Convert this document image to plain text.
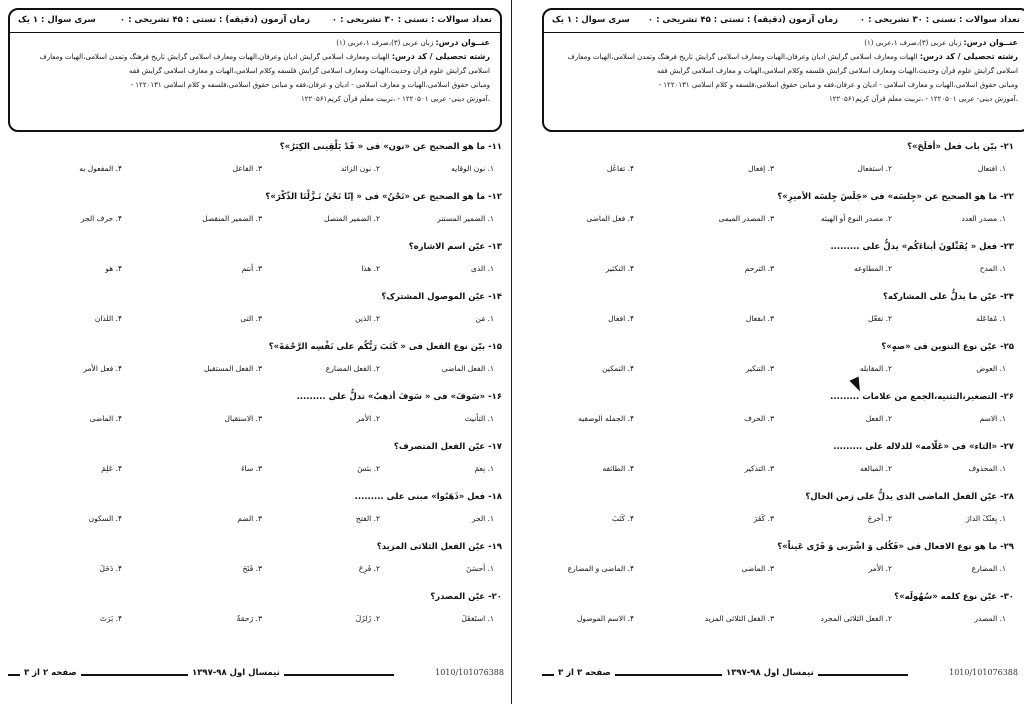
تعداد سوالات : تستی : ۳۰ تشریحی : ۰
زمان آزمون (دقیقه) : تستی : ۴۵ تشریحی : ۰
سری سوال : ۱ یک
عنــوان درس: زبان عربی (۳)،صرف ۱،عربی (۱)
رشته تحصیلی / کد درس: الهیات ومعارف اسلامی گرایش ادیان وعرفان،الهیات ومعارف اسلامی گرایش تاریخ فرهنگ وتمدن اسلامی،الهیات ومعارف
اسلامی گرایش علوم قرآن وحدیث،الهیات ومعارف اسلامی گرایش فلسفه وکلام اسلامی،الهیات و معارف اسلامی گرایش فقه
ومبانی حقوق اسلامی،الهیات و معارف اسلامی - ادیان و عرفان،فقه و مبانی حقوق اسلامی،فلسفه و کلام اسلامی ۱۲۲۰۱۳۱ -
،آموزش دینی- عربی ۱۲۲۰۵۰۱ - ،تربیت معلم قرآن کریم۱۲۲۰۵۶۱
۱۱- ما هو الصحیح عن «نون» فی « قَدْ یَلْقِینی الکِبَرُ»؟
۱. نون الوقایه
۲. نون الزائد
۳. الفاعل
۴. المفعول به
۱۲- ما هو الصحیح عن «نَحْنُ» فی « إنّا نَحْنُ نَـزَّلْنَا الذّکْرَ»؟
۱. الضمیر المستتر
۲. الضمیر المتصل
۳. الضمیر المنفصل
۴. حرف الجر
۱۳- عیّن اسم الاشاره؟
۱. الذی
۲. هذا
۳. أنتم
۴. هو
۱۴- عیّن الموصول المشترک؟
۱. مَن
۲. الذین
۳. التی
۴. اللذان
۱۵- بیّن نوع الفعل فی « کَتَبَ رَبُّکُم علی نَفْسِه الرَّحْمَةَ»؟
۱. الفعل الماضی
۲. الفعل المضارع
۳. الفعل المستقبل
۴. فعل الأمر
۱۶- «سَوفَ» فی « سَوفَ أذهبُ» تدلُّ علی .........
۱. التأنیث
۲. الأمر
۳. الاستقبال
۴. الماضی
۱۷- عیّن الفعل المتصرف؟
۱. نِعمَ
۲. بئسَ
۳. ساءَ
۴. عَلِمَ
۱۸- فعل «ذَهَبُوا» مبنی علی .........
۱. الجر
۲. الفتح
۳. الضم
۴. السکون
۱۹- عیّن الفعل الثلاثی المزید؟
۱. أحسَنَ
۲. فَرِحَ
۳. فَتَحَ
۴. دَخَلَ
۲۰- عیّن المصدر؟
۱. استَغفَلَ
۲. زَلزَلَ
۳. رَحمَةٌ
۴. بَرَتَ
1010/101076388
نیمسال اول ۹۸-۱۳۹۷
صفحه ۲ از ۳
تعداد سوالات : تستی : ۳۰ تشریحی : ۰
زمان آزمون (دقیقه) : تستی : ۴۵ تشریحی : ۰
سری سوال : ۱ یک
عنــوان درس: زبان عربی (۳)،صرف ۱،عربی (۱)
رشته تحصیلی / کد درس: الهیات ومعارف اسلامی گرایش ادیان وعرفان،الهیات ومعارف اسلامی گرایش تاریخ فرهنگ وتمدن اسلامی،الهیات ومعارف
اسلامی گرایش علوم قرآن وحدیث،الهیات ومعارف اسلامی گرایش فلسفه وکلام اسلامی،الهیات و معارف اسلامی گرایش فقه
ومبانی حقوق اسلامی،الهیات و معارف اسلامی - ادیان و عرفان،فقه و مبانی حقوق اسلامی،فلسفه و کلام اسلامی ۱۲۲۰۱۳۱ -
،آموزش دینی- عربی ۱۲۲۰۵۰۱ - ،تربیت معلم قرآن کریم۱۲۲۰۵۶۱
۲۱- بیّن باب فعل «أفلَحَ»؟
۱. افتعال
۲. استفعال
۳. إفعال
۴. تفاعُل
۲۲- ما هو الصحیح عن «جِلسَه» فی «جَلَسَ جِلسَه الأمیرِ»؟
۱. مصدر العدد
۲. مصدر النوع أو الهیئه
۳. المصدر المیمی
۴. فعل الماضی
۲۳- فعل « یُقَتِّلونَ أبناءَکُم» یدلُّ علی .........
۱. المدح
۲. المطاوعه
۳. الترحم
۴. التکثیر
۲۴- عیّن ما یدلُّ علی المشارکه؟
۱. مُفاعَله
۲. تفعّل
۳. انفعال
۴. افعال
۲۵- عیّن نوع التنوین فی «صهٍ»؟
۱. العوض
۲. المقابله
۳. التنکیر
۴. التمکین
۲۶- التصغیر،التثنیه،الجمع من علامات .........
۱. الاسم
۲. الفعل
۳. الحرف
۴. الجمله الوصفیه
۲۷- «التاء» فی «عَلّامه» للدلاله علی .........
۱. المحذوف
۲. المبالغه
۳. التذکیر
۴. الطائفه
۲۸- عیّن الفعل الماضی الذی یدلُّ علی زمن الحال؟
۱. بِعتُکَ الدارَ
۲. أخرجَ
۳. کَفَرَ
۴. کَتَبَ
۲۹- ما هو نوع الافعال فی «فَکُلی وَ اشْرَبی وَ قَرّی عَیناً»؟
۱. المضارع
۲. الأمر
۳. الماضی
۴. الماضی و المضارع
۳۰- عیّن نوع کلمه «سُهُولَه»؟
۱. المصدر
۲. الفعل الثلاثی المجرد
۳. الفعل الثلاثی المزید
۴. الاسم الموصول
1010/101076388
نیمسال اول ۹۸-۱۳۹۷
صفحه ۳ از ۳
